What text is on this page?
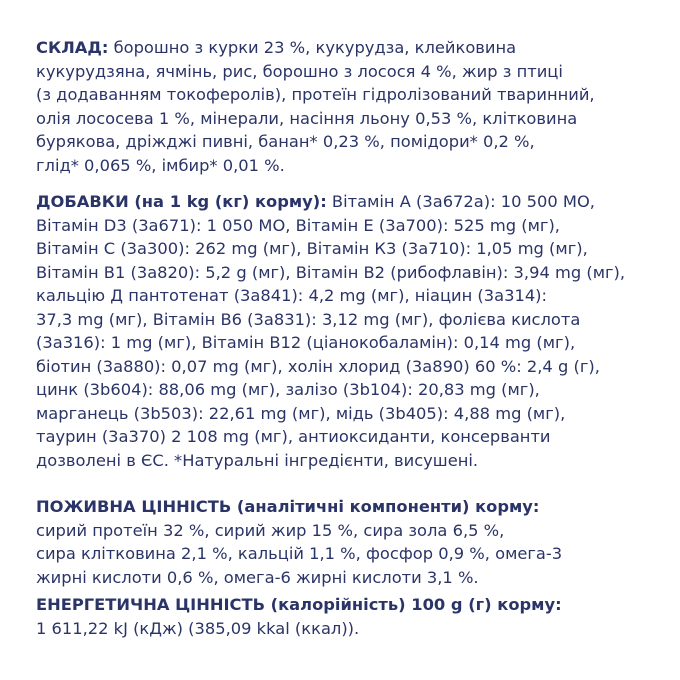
СКЛАД: борошно з курки 23 %, кукурудза, клейковина
кукурудзяна, ячмінь, рис, борошно з лосося 4 %, жир з птиці
(з додаванням токоферолів), протеїн гідролізований тваринний,
олія лососева 1 %, мінерали, насіння льону 0,53 %, клітковина
бурякова, дріжджі пивні, банан* 0,23 %, помідори* 0,2 %,
глід* 0,065 %, імбир* 0,01 %.

ДОБАВКИ (на 1 kg (кг) корму): Вітамін А (3а672а): 10 500 МО,
Вітамін D3 (3а671): 1 050 МО, Вітамін Е (3а700): 525 mg (мг),
Вітамін С (3а300): 262 mg (мг), Вітамін К3 (3а710): 1,05 mg (мг),
Вітамін В1 (3а820): 5,2 g (мг), Вітамін В2 (рибофлавін): 3,94 mg (мг),
кальцію Д пантотенат (3а841): 4,2 mg (мг), ніацин (3а314):
37,3 mg (мг), Вітамін В6 (3а831): 3,12 mg (мг), фолієва кислота
(3а316): 1 mg (мг), Вітамін В12 (ціанокобаламін): 0,14 mg (мг),
біотин (3а880): 0,07 mg (мг), холін хлорид (3а890) 60 %: 2,4 g (г),
цинк (3b604): 88,06 mg (мг), залізо (3b104): 20,83 mg (мг),
марганець (3b503): 22,61 mg (мг), мідь (3b405): 4,88 mg (мг),
таурин (3а370) 2 108 mg (мг), антиоксиданти, консерванти
дозволені в ЄС. *Натуральні інгредієнти, висушені.

ПОЖИВНА ЦІННІСТЬ (аналітичні компоненти) корму:
сирий протеїн 32 %, сирий жир 15 %, сира зола 6,5 %,
сира клітковина 2,1 %, кальцій 1,1 %, фосфор 0,9 %, омега-3
жирні кислоти 0,6 %, омега-6 жирні кислоти 3,1 %.

ЕНЕРГЕТИЧНА ЦІННІСТЬ (калорійність) 100 g (г) корму:
1 611,22 kJ (кДж) (385,09 kkal (ккал)).
